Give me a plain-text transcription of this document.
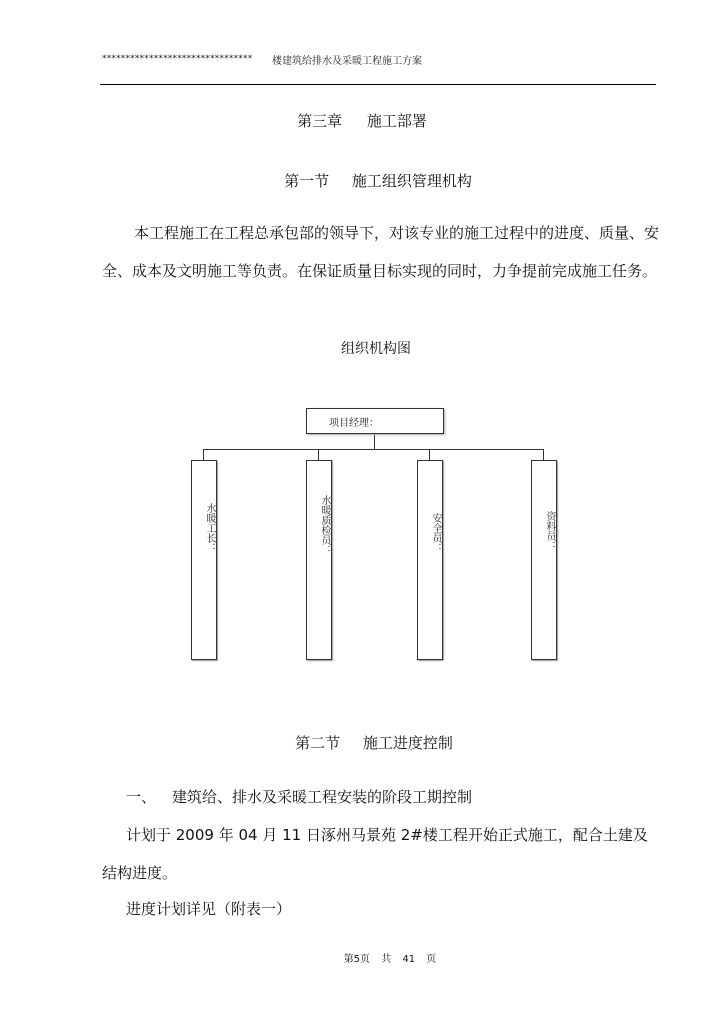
******************************** 楼建筑给排水及采暖工程施工方案
第三章 施工部署
第一节 施工组织管理机构
本工程施工在工程总承包部的领导下，对该专业的施工过程中的进度、质量、安全、成本及文明施工等负责。在保证质量目标实现的同时，力争提前完成施工任务。
组织机构图
项目经理：
水暖工长：	水暖质检员：	安全员：	资料员：
第二节 施工进度控制
一、 建筑给、排水及采暖工程安装的阶段工期控制
计划于 2009 年 04 月 11 日涿州马景苑 2#楼工程开始正式施工，配合土建及结构进度。
进度计划详见（附表一）
第5页 共 41 页
